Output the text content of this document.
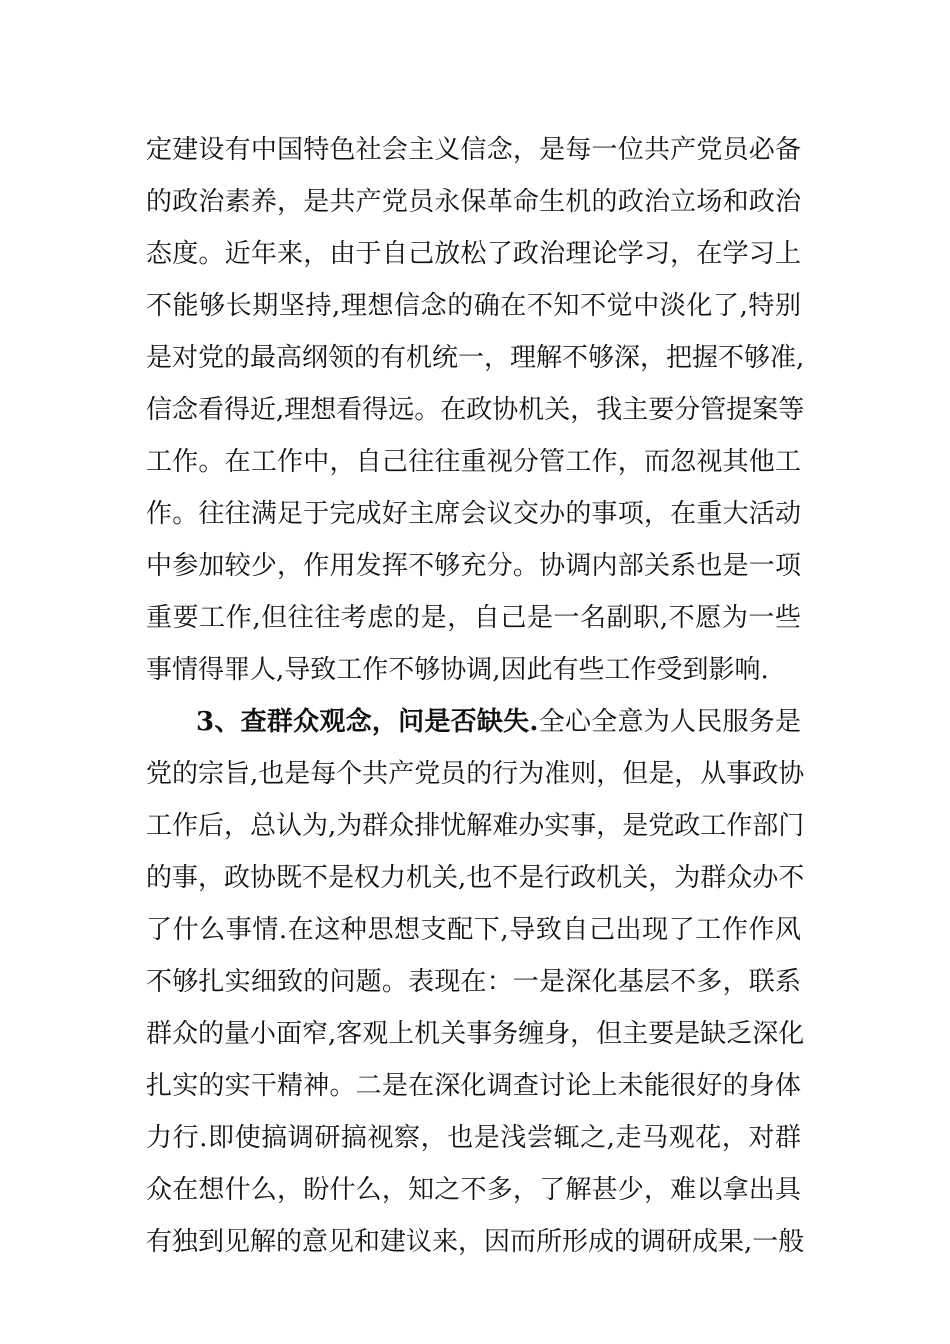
定建设有中国特色社会主义信念，是每一位共产党员必备
的政治素养，是共产党员永保革命生机的政治立场和政治
态度。近年来，由于自己放松了政治理论学习，在学习上
不能够长期坚持,理想信念的确在不知不觉中淡化了,特别
是对党的最高纲领的有机统一，理解不够深，把握不够准,
信念看得近,理想看得远。在政协机关，我主要分管提案等
工作。在工作中，自己往往重视分管工作，而忽视其他工
作。往往满足于完成好主席会议交办的事项，在重大活动
中参加较少，作用发挥不够充分。协调内部关系也是一项
重要工作,但往往考虑的是，自己是一名副职,不愿为一些
事情得罪人,导致工作不够协调,因此有些工作受到影响.
3、查群众观念，问是否缺失.全心全意为人民服务是
党的宗旨,也是每个共产党员的行为准则，但是，从事政协
工作后，总认为,为群众排忧解难办实事，是党政工作部门
的事，政协既不是权力机关,也不是行政机关，为群众办不
了什么事情.在这种思想支配下,导致自己出现了工作作风
不够扎实细致的问题。表现在：一是深化基层不多，联系
群众的量小面窄,客观上机关事务缠身，但主要是缺乏深化
扎实的实干精神。二是在深化调查讨论上未能很好的身体
力行.即使搞调研搞视察，也是浅尝辄之,走马观花，对群
众在想什么，盼什么，知之不多，了解甚少，难以拿出具
有独到见解的意见和建议来，因而所形成的调研成果,一般
